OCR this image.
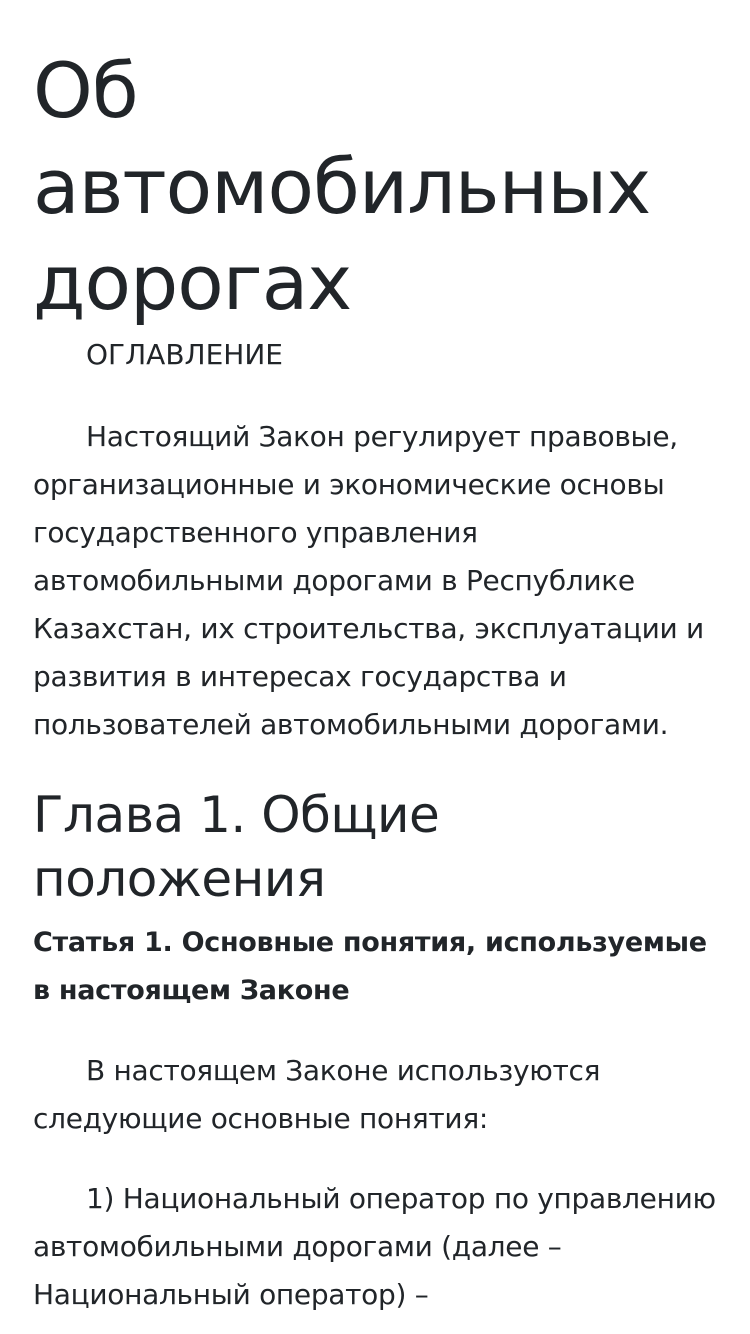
Об автомобильных дорогах
ОГЛАВЛЕНИЕ

Настоящий Закон регулирует правовые, организационные и экономические основы государственного управления автомобильными дорогами в Республике Казахстан, их строительства, эксплуатации и развития в интересах государства и пользователей автомобильными дорогами.

Глава 1. Общие положения
Статья 1. Основные понятия, используемые в настоящем Законе

В настоящем Законе используются следующие основные понятия:

1) Национальный оператор по управлению автомобильными дорогами (далее – Национальный оператор) –
